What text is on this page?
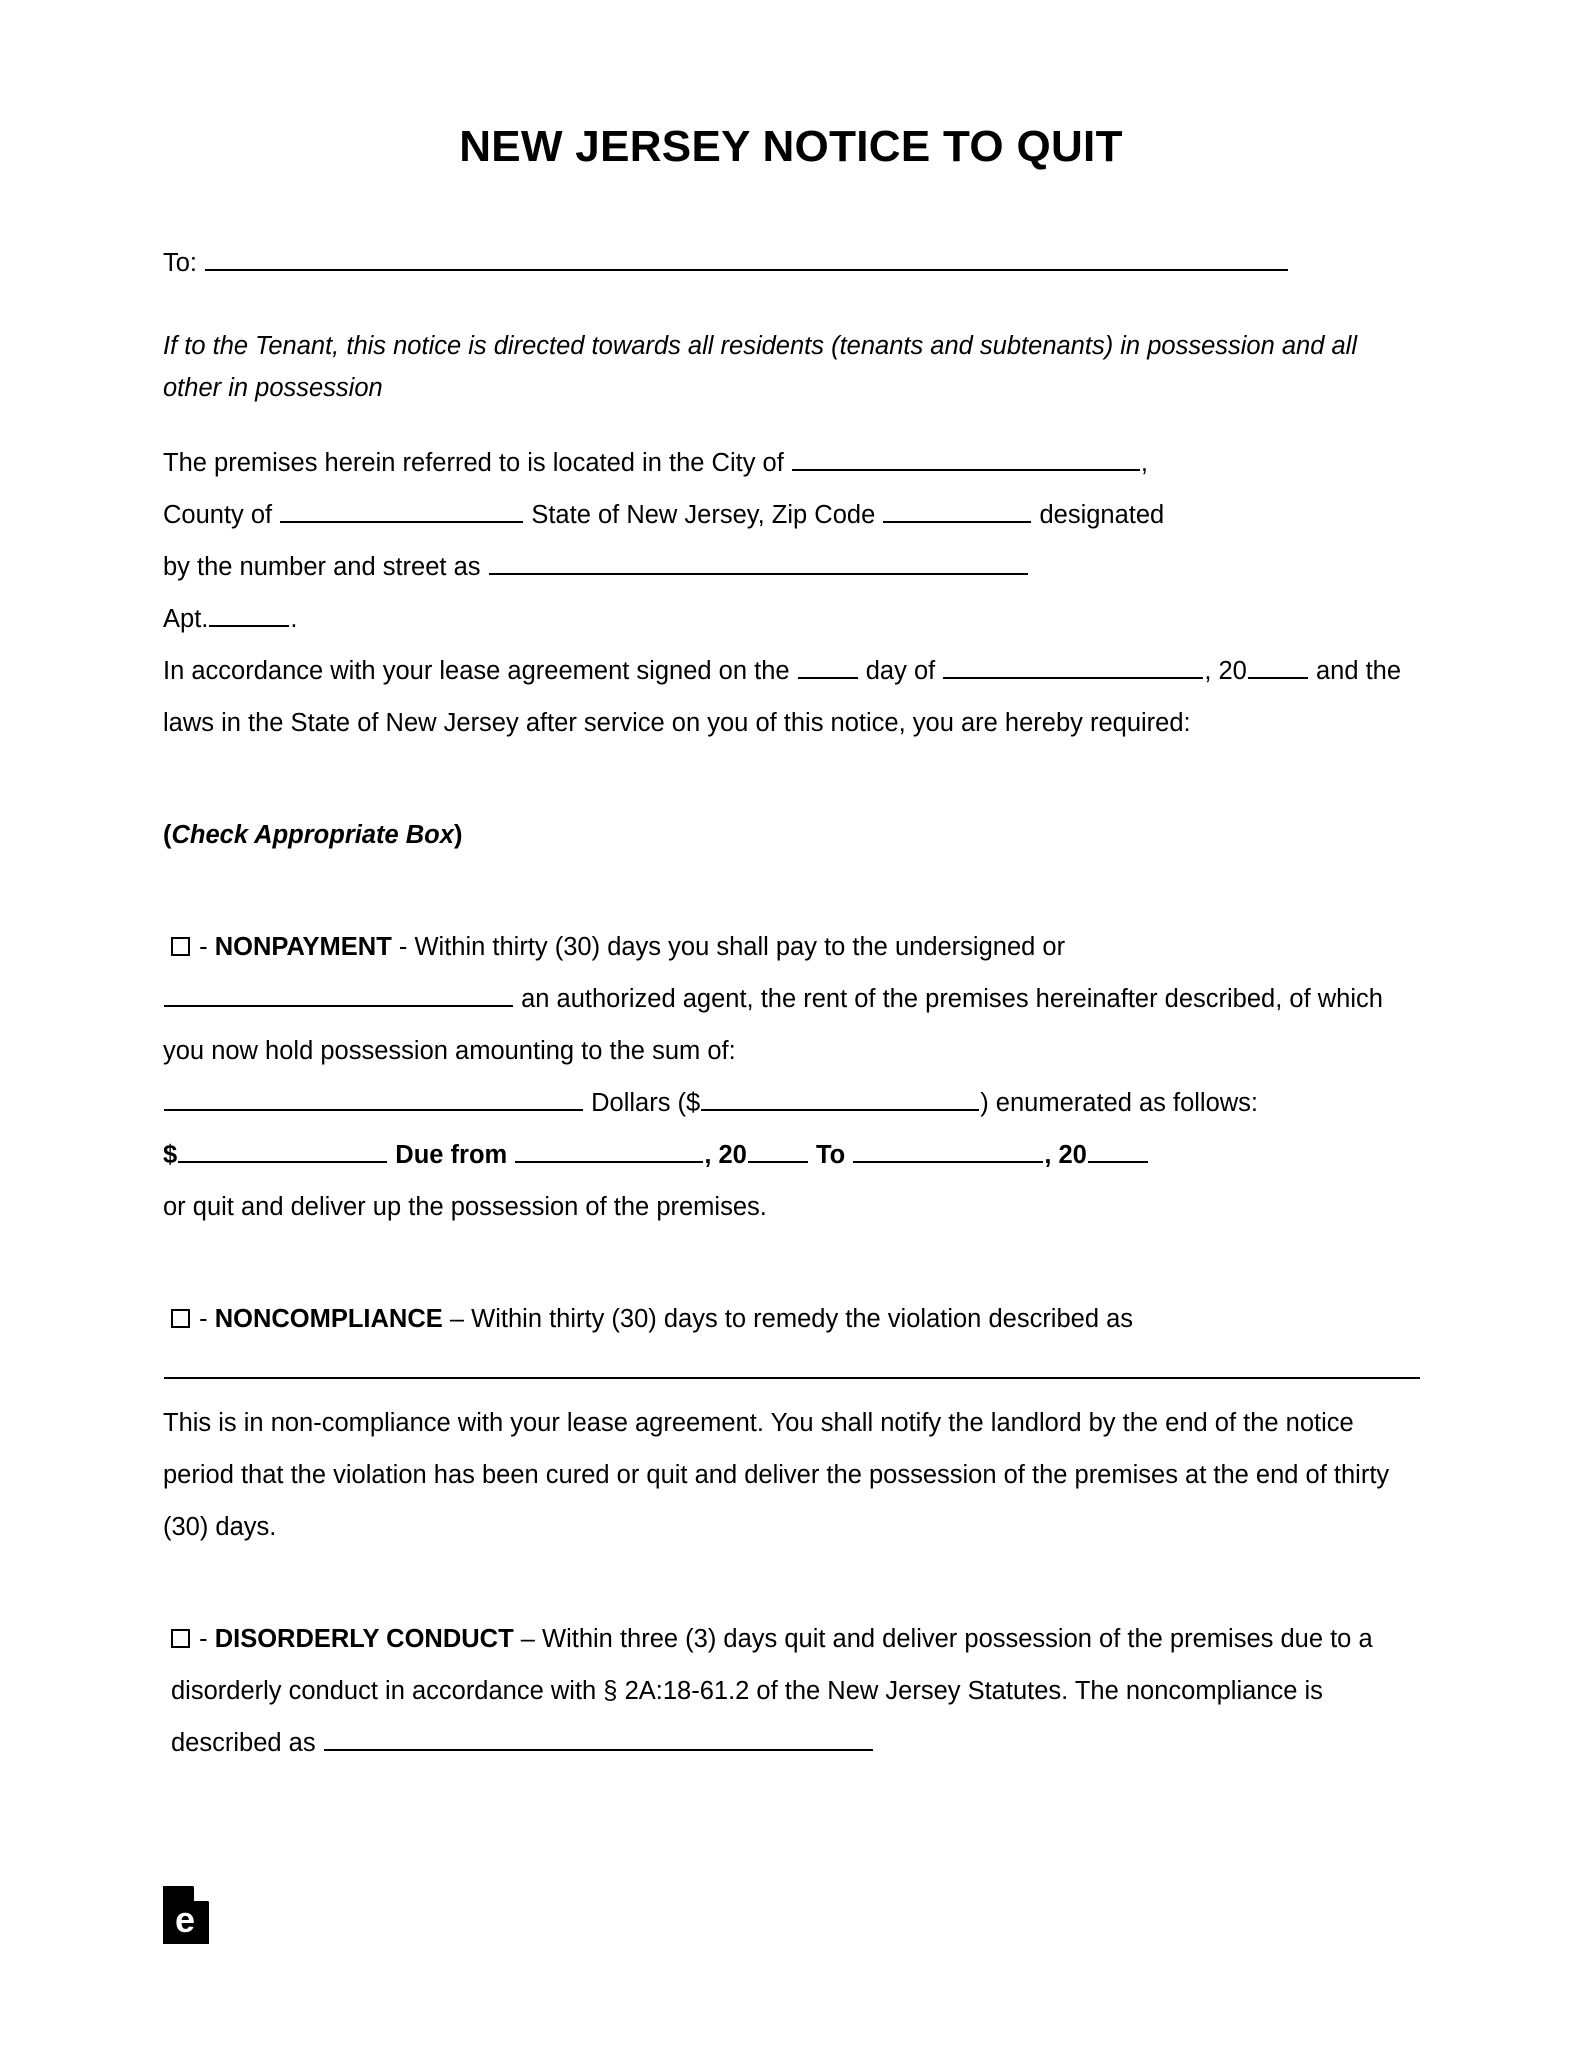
NEW JERSEY NOTICE TO QUIT
To:

If to the Tenant, this notice is directed towards all residents (tenants and subtenants) in possession and all other in possession

The premises herein referred to is located in the City of	,

County of	State of New Jersey, Zip Code	designated

by the number and street as

Apt.	.

In accordance with your lease agreement signed on the	day of	, 20	and the laws in the State of New Jersey after service on you of this notice, you are hereby required:

(Check Appropriate Box)

- NONPAYMENT - Within thirty (30) days you shall pay to the undersigned or

an authorized agent, the rent of the premises hereinafter described, of which you now hold possession amounting to the sum of:

Dollars ($	) enumerated as follows:

$	Due from	, 20	To	, 20

or quit and deliver up the possession of the premises.

- NONCOMPLIANCE – Within thirty (30) days to remedy the violation described as

This is in non-compliance with your lease agreement. You shall notify the landlord by the end of the notice period that the violation has been cured or quit and deliver the possession of the premises at the end of thirty (30) days.

- DISORDERLY CONDUCT – Within three (3) days quit and deliver possession of the premises due to a disorderly conduct in accordance with § 2A:18-61.2 of the New Jersey Statutes. The noncompliance is described as

e
